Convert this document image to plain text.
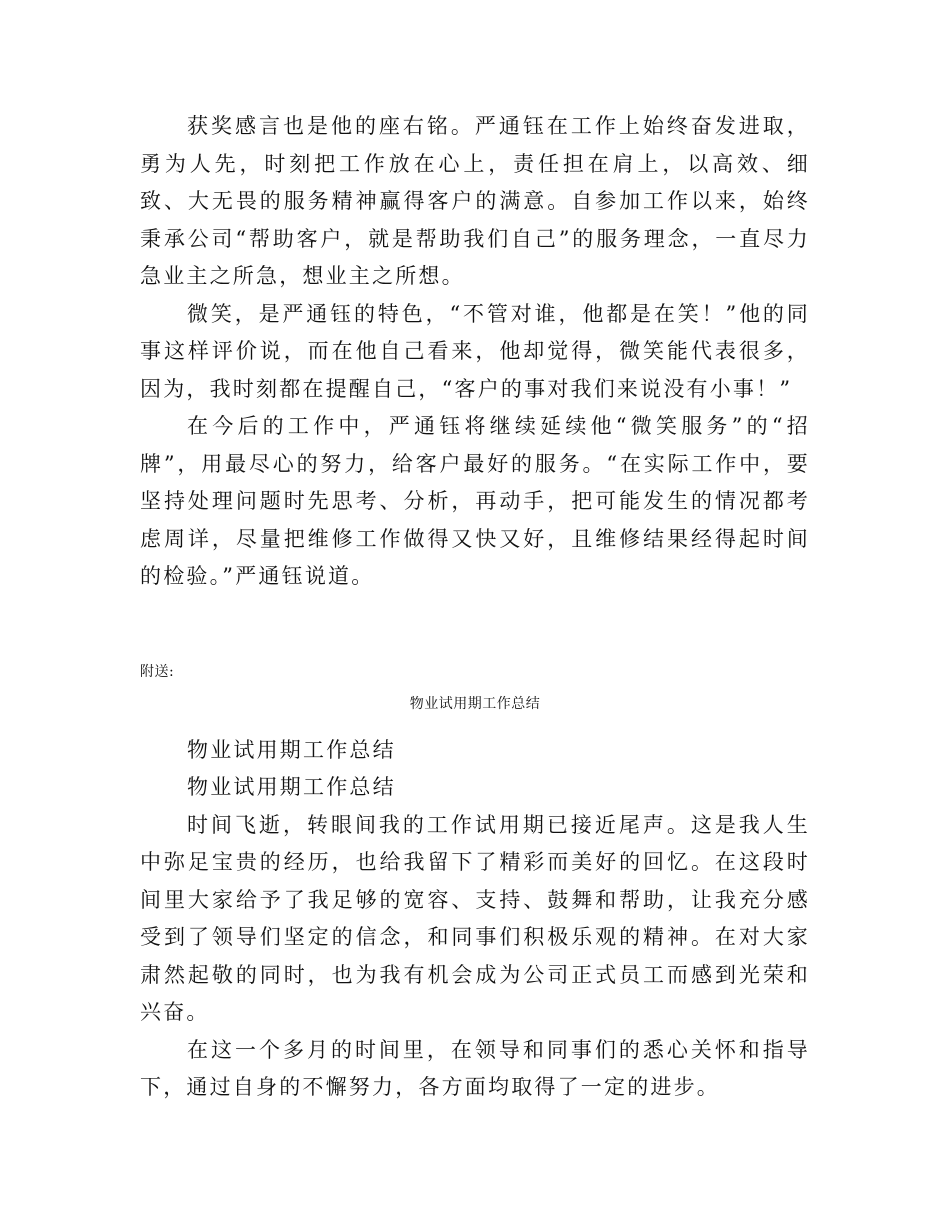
获奖感言也是他的座右铭。严通钰在工作上始终奋发进取，勇为人先，时刻把工作放在心上，责任担在肩上，以高效、细致、大无畏的服务精神赢得客户的满意。自参加工作以来，始终秉承公司“帮助客户，就是帮助我们自己”的服务理念，一直尽力急业主之所急，想业主之所想。

微笑，是严通钰的特色，“不管对谁，他都是在笑！”他的同事这样评价说，而在他自己看来，他却觉得，微笑能代表很多，因为，我时刻都在提醒自己，“客户的事对我们来说没有小事！”

在今后的工作中，严通钰将继续延续他“微笑服务”的“招牌”，用最尽心的努力，给客户最好的服务。“在实际工作中，要坚持处理问题时先思考、分析，再动手，把可能发生的情况都考虑周详，尽量把维修工作做得又快又好，且维修结果经得起时间的检验。”严通钰说道。

附送:

物业试用期工作总结

物业试用期工作总结

物业试用期工作总结

时间飞逝，转眼间我的工作试用期已接近尾声。这是我人生中弥足宝贵的经历，也给我留下了精彩而美好的回忆。在这段时间里大家给予了我足够的宽容、支持、鼓舞和帮助，让我充分感受到了领导们坚定的信念，和同事们积极乐观的精神。在对大家肃然起敬的同时，也为我有机会成为公司正式员工而感到光荣和兴奋。

在这一个多月的时间里，在领导和同事们的悉心关怀和指导下，通过自身的不懈努力，各方面均取得了一定的进步。
